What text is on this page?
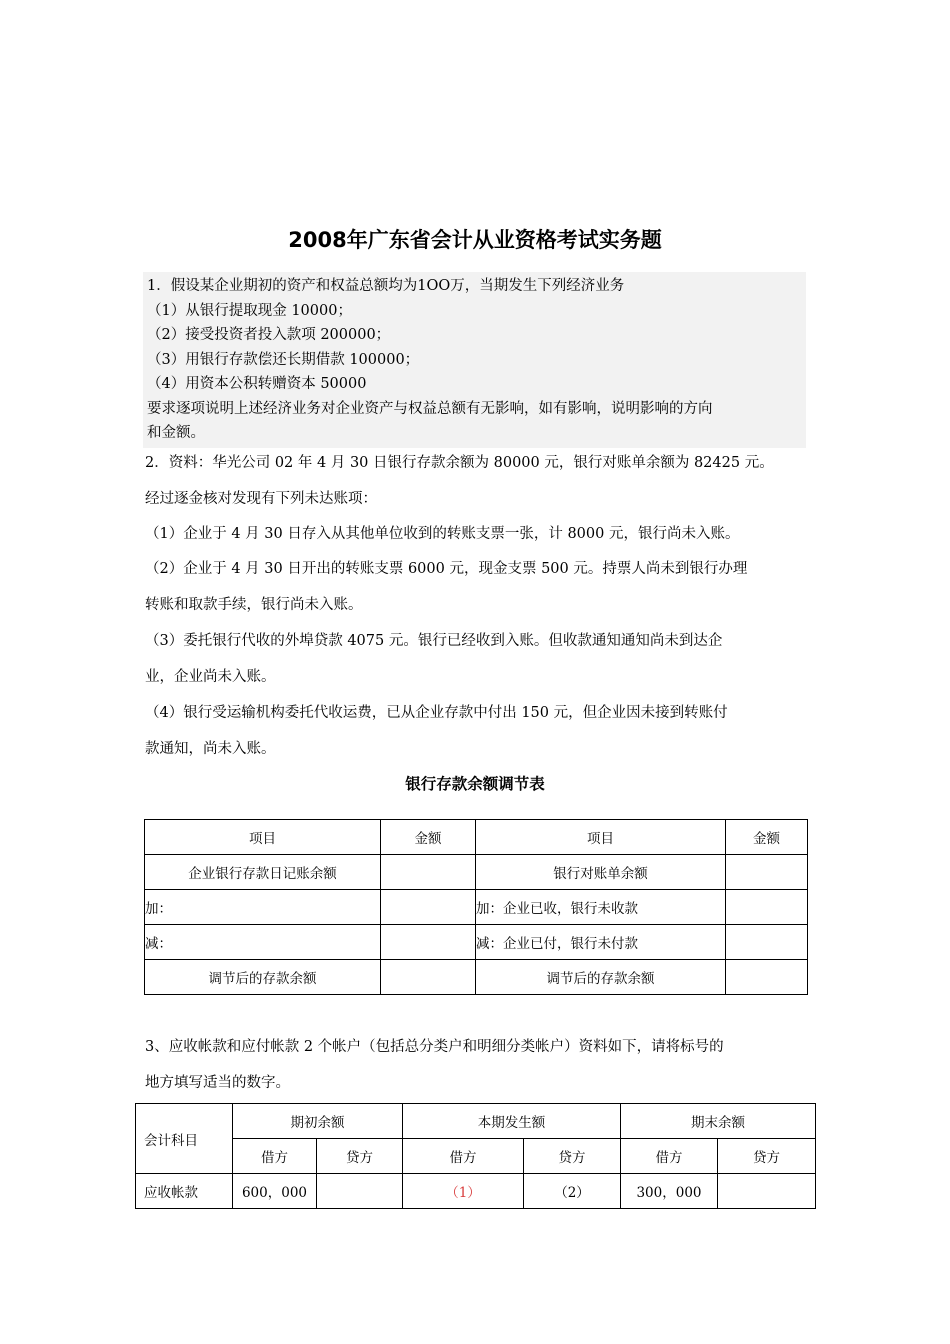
2008年广东省会计从业资格考试实务题

1．假设某企业期初的资产和权益总额均为1OO万，当期发生下列经济业务

（1）从银行提取现金 10000；

（2）接受投资者投入款项 200000；

（3）用银行存款偿还长期借款 100000；

（4）用资本公积转赠资本 50000

要求逐项说明上述经济业务对企业资产与权益总额有无影响，如有影响，说明影响的方向

和金额。

2．资料：华光公司 02 年 4 月 30 日银行存款余额为 80000 元，银行对账单余额为 82425 元。

经过逐金核对发现有下列未达账项：

（1）企业于 4 月 30 日存入从其他单位收到的转账支票一张，计 8000 元，银行尚未入账。

（2）企业于 4 月 30 日开出的转账支票 6000 元，现金支票 500 元。持票人尚未到银行办理

转账和取款手续，银行尚未入账。

（3）委托银行代收的外埠贷款 4075 元。银行已经收到入账。但收款通知通知尚未到达企

业，企业尚未入账。

（4）银行受运输机构委托代收运费，已从企业存款中付出 150 元，但企业因未接到转账付

款通知，尚未入账。

银行存款余额调节表

项目	金额	项目	金额
企业银行存款日记账余额		银行对账单余额	
加：		加：企业已收，银行未收款	
减：		减：企业已付，银行未付款	
调节后的存款余额		调节后的存款余额	

3、应收帐款和应付帐款 2 个帐户（包括总分类户和明细分类帐户）资料如下，请将标号的

地方填写适当的数字。

会计科目	期初余额		本期发生额		期末余额	
	借方	贷方	借方	贷方	借方	贷方
应收帐款	600，000		（1）	（2）	300，000	
